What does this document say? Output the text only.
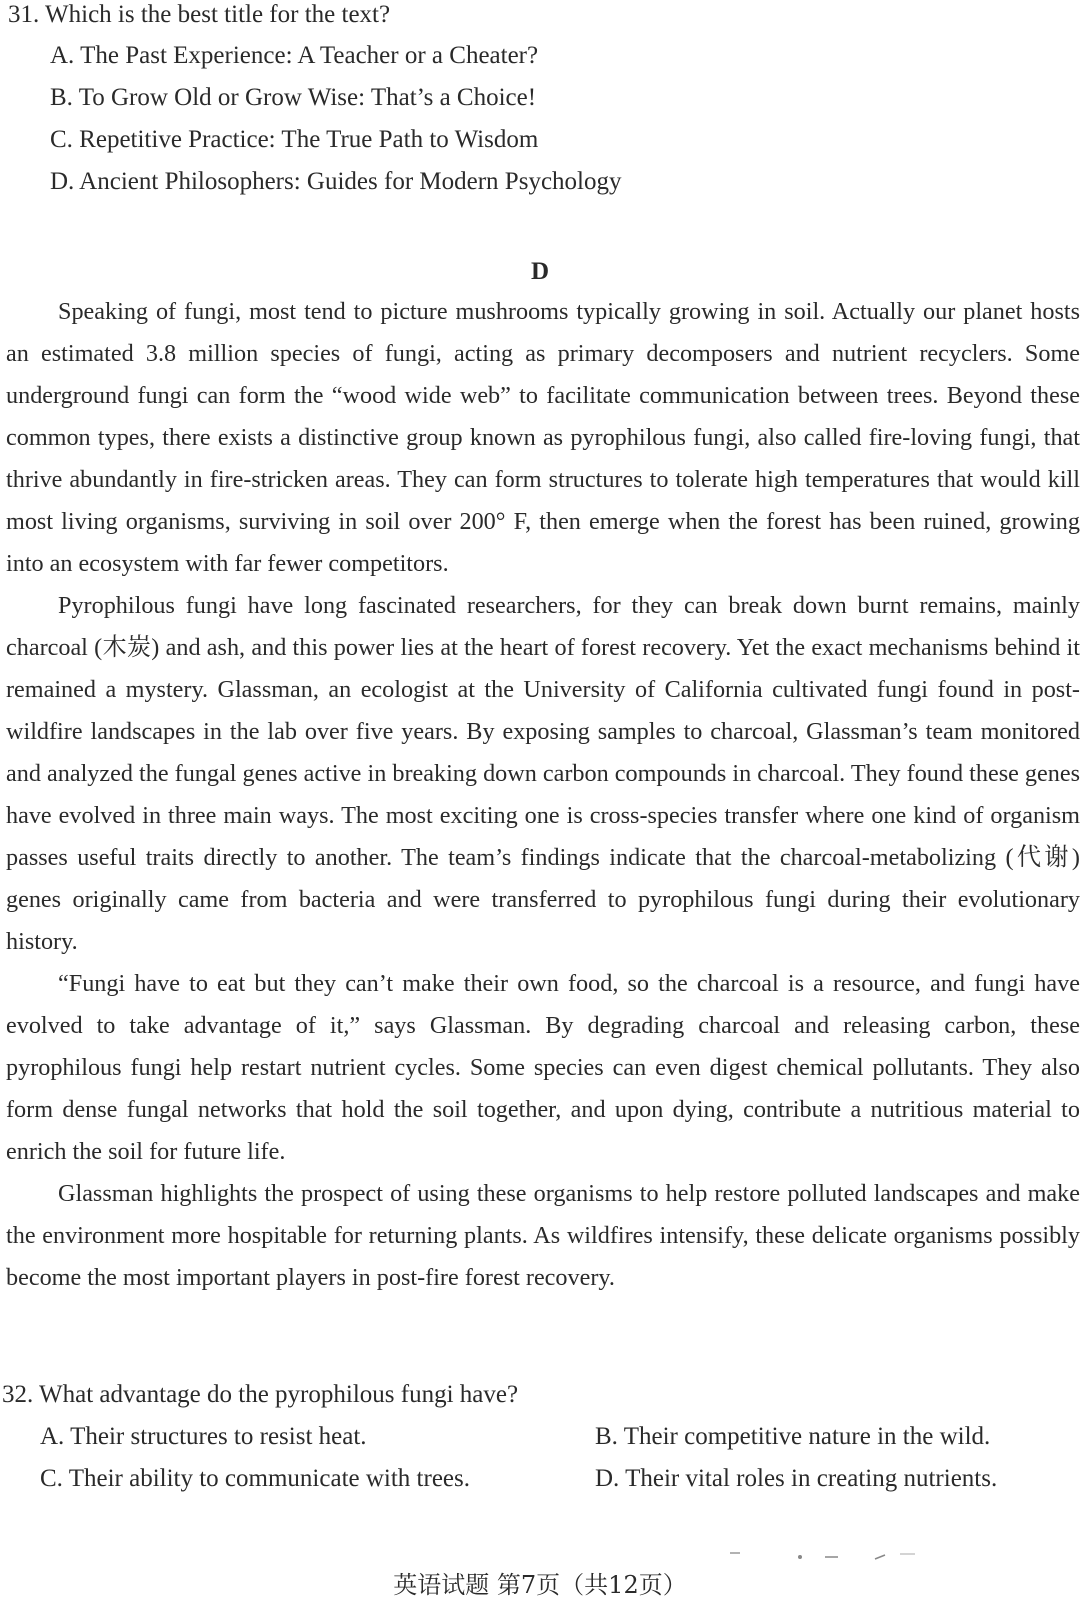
31. Which is the best title for the text?
A. The Past Experience: A Teacher or a Cheater?
B. To Grow Old or Grow Wise: That’s a Choice!
C. Repetitive Practice: The True Path to Wisdom
D. Ancient Philosophers: Guides for Modern Psychology
D

Speaking of fungi, most tend to picture mushrooms typically growing in soil. Actually our planet hosts an estimated 3.8 million species of fungi, acting as primary decomposers and nutrient recyclers. Some underground fungi can form the “wood wide web” to facilitate communication between trees. Beyond these common types, there exists a distinctive group known as pyrophilous fungi, also called fire-loving fungi, that thrive abundantly in fire-stricken areas. They can form structures to tolerate high temperatures that would kill most living organisms, surviving in soil over 200° F, then emerge when the forest has been ruined, growing into an ecosystem with far fewer competitors.

Pyrophilous fungi have long fascinated researchers, for they can break down burnt remains, mainly charcoal (木炭) and ash, and this power lies at the heart of forest recovery. Yet the exact mechanisms behind it remained a mystery. Glassman, an ecologist at the University of California cultivated fungi found in post-wildfire landscapes in the lab over five years. By exposing samples to charcoal, Glassman’s team monitored and analyzed the fungal genes active in breaking down carbon compounds in charcoal. They found these genes have evolved in three main ways. The most exciting one is cross-species transfer where one kind of organism passes useful traits directly to another. The team’s findings indicate that the charcoal-metabolizing (代谢) genes originally came from bacteria and were transferred to pyrophilous fungi during their evolutionary history.

“Fungi have to eat but they can’t make their own food, so the charcoal is a resource, and fungi have evolved to take advantage of it,” says Glassman. By degrading charcoal and releasing carbon, these pyrophilous fungi help restart nutrient cycles. Some species can even digest chemical pollutants. They also form dense fungal networks that hold the soil together, and upon dying, contribute a nutritious material to enrich the soil for future life.

Glassman highlights the prospect of using these organisms to help restore polluted landscapes and make the environment more hospitable for returning plants. As wildfires intensify, these delicate organisms possibly become the most important players in post-fire forest recovery.

32. What advantage do the pyrophilous fungi have?
A. Their structures to resist heat.	B. Their competitive nature in the wild.
C. Their ability to communicate with trees.	D. Their vital roles in creating nutrients.
英语试题 第7页（共12页）
